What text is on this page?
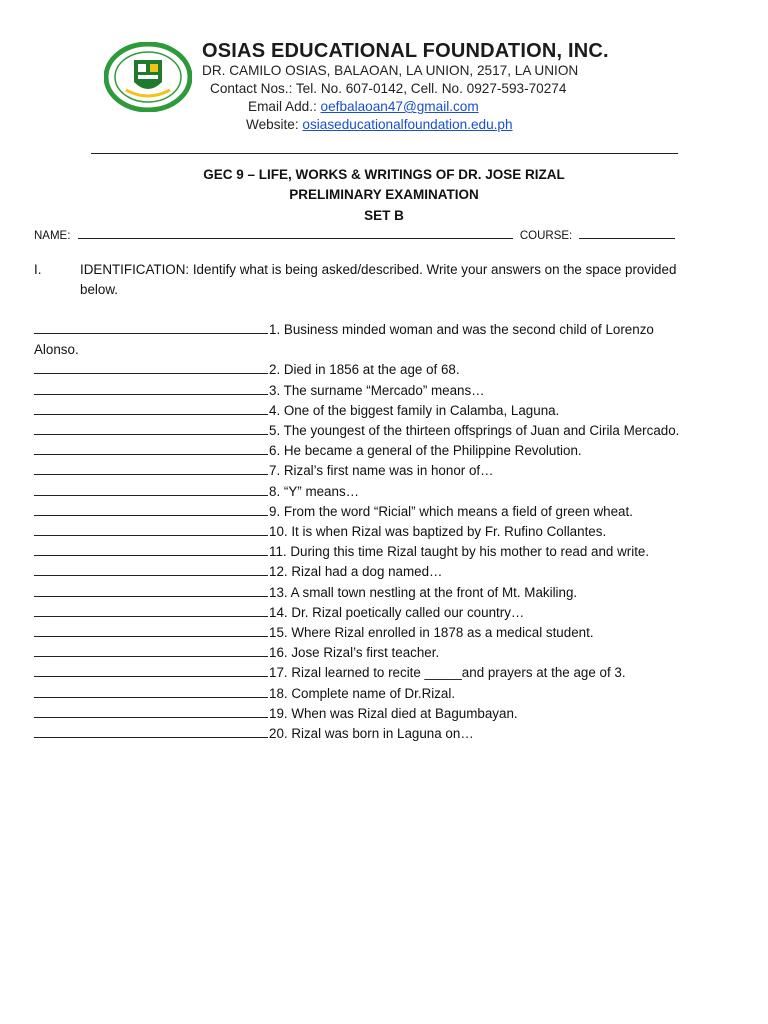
OSIAS EDUCATIONAL FOUNDATION, INC.
DR. CAMILO OSIAS, BALAOAN, LA UNION, 2517, LA UNION
Contact Nos.: Tel. No. 607-0142, Cell. No. 0927-593-70274
Email Add.: oefbalaoan47@gmail.com
Website: osiaseducationalfoundation.edu.ph
GEC 9 – LIFE, WORKS & WRITINGS OF DR. JOSE RIZAL
PRELIMINARY EXAMINATION
SET B
NAME:	COURSE:
I.	IDENTIFICATION: Identify what is being asked/described. Write your answers on the space provided below.
1. Business minded woman and was the second child of Lorenzo Alonso.
2. Died in 1856 at the age of 68.
3. The surname “Mercado” means…
4. One of the biggest family in Calamba, Laguna.
5. The youngest of the thirteen offsprings of Juan and Cirila Mercado.
6. He became a general of the Philippine Revolution.
7. Rizal’s first name was in honor of…
8. “Y” means…
9. From the word “Ricial” which means a field of green wheat.
10. It is when Rizal was baptized by Fr. Rufino Collantes.
11. During this time Rizal taught by his mother to read and write.
12. Rizal had a dog named…
13. A small town nestling at the front of Mt. Makiling.
14. Dr. Rizal poetically called our country…
15. Where Rizal enrolled in 1878 as a medical student.
16. Jose Rizal’s first teacher.
17. Rizal learned to recite _____and prayers at the age of 3.
18. Complete name of Dr.Rizal.
19. When was Rizal died at Bagumbayan.
20. Rizal was born in Laguna on…
